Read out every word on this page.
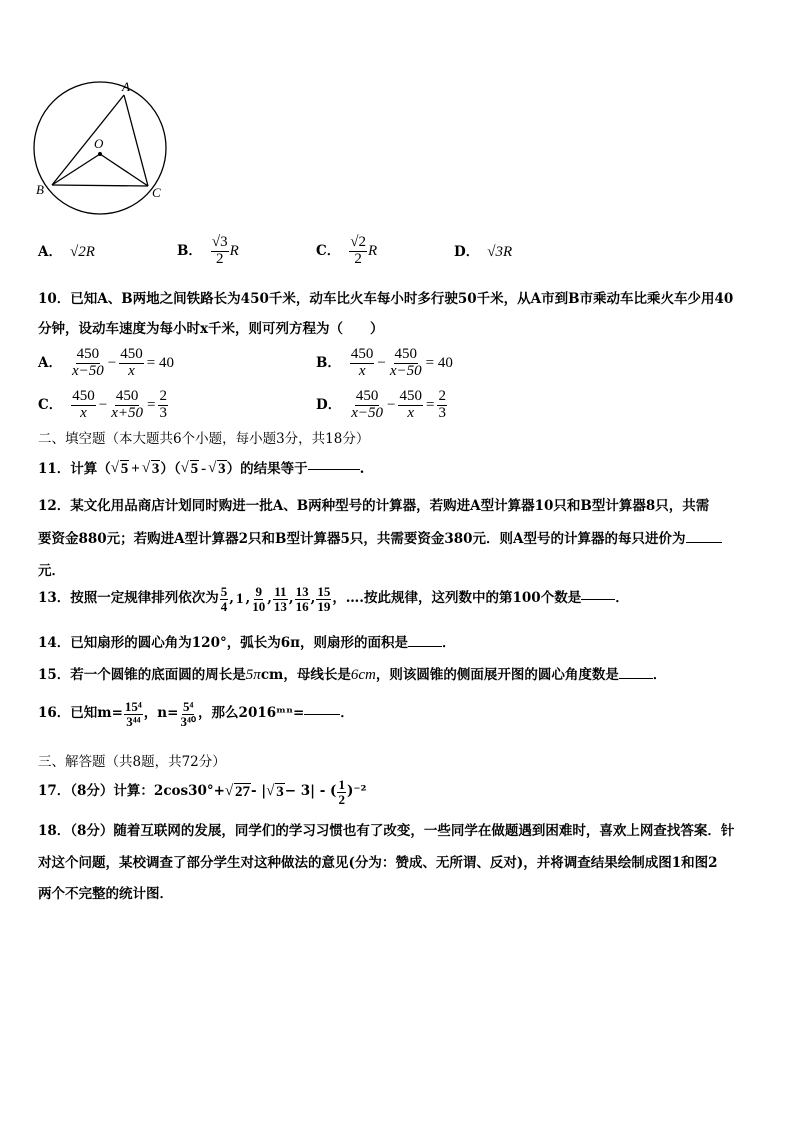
A
O
B	C
A． √2R	B． $\frac{√3}{2}$ R	C． $\frac{√2}{2}$ R	D． √3R
10．已知A、B两地之间铁路长为450千米，动车比火车每小时多行驶50千米，从A市到B市乘动车比乘火车少用40
分钟，设动车速度为每小时x千米，则可列方程为（　　）
A． $\frac{450}{x-50} - \frac{450}{x} = 40$	B． $\frac{450}{x} - \frac{450}{x-50} = 40$
C． $\frac{450}{x} - \frac{450}{x+50} = \frac{2}{3}$	D． $\frac{450}{x-50} - \frac{450}{x} = \frac{2}{3}$
二、填空题（本大题共6个小题，每小题3分，共18分）
11．计算（ √ 5 + √ 3 ）（ √ 5 - √ 3 ）的结果等于	.
12．某文化用品商店计划同时购进一批A、B两种型号的计算器，若购进A型计算器10只和B型计算器8只，共需
要资金880元；若购进A型计算器2只和B型计算器5只，共需要资金380元．则A型号的计算器的每只进价为
元．
13．按照一定规律排列依次为 $\frac{5}{4}$ , 1 , $\frac{9}{10}$ , $\frac{11}{13}$ , $\frac{13}{16}$ , $\frac{15}{19}$ ，….按此规律，这列数中的第100个数是	．
14．已知扇形的圆心角为120°，弧长为6π，则扇形的面积是	．
15．若一个圆锥的底面圆的周长是5πcm，母线长是6cm，则该圆锥的侧面展开图的圆心角度数是	．
16．已知$m= \frac{\text{15⁴}}{\text{3⁴⁴}}$ ，$n= \frac{\text{5⁴}}{\text{3⁴⁰}}$ ，那么2016ᵐⁿ=	．
三、解答题（共8题，共72分）
17．（8分）计算：2cos30°+ √ 27 - | √ 3 − 3| - ( $\frac{1}{2} )^{-2}$
18．（8分）随着互联网的发展，同学们的学习习惯也有了改变，一些同学在做题遇到困难时，喜欢上网查找答案．针
对这个问题，某校调查了部分学生对这种做法的意见(分为：赞成、无所谓、反对)，并将调查结果绘制成图1和图2
两个不完整的统计图．
